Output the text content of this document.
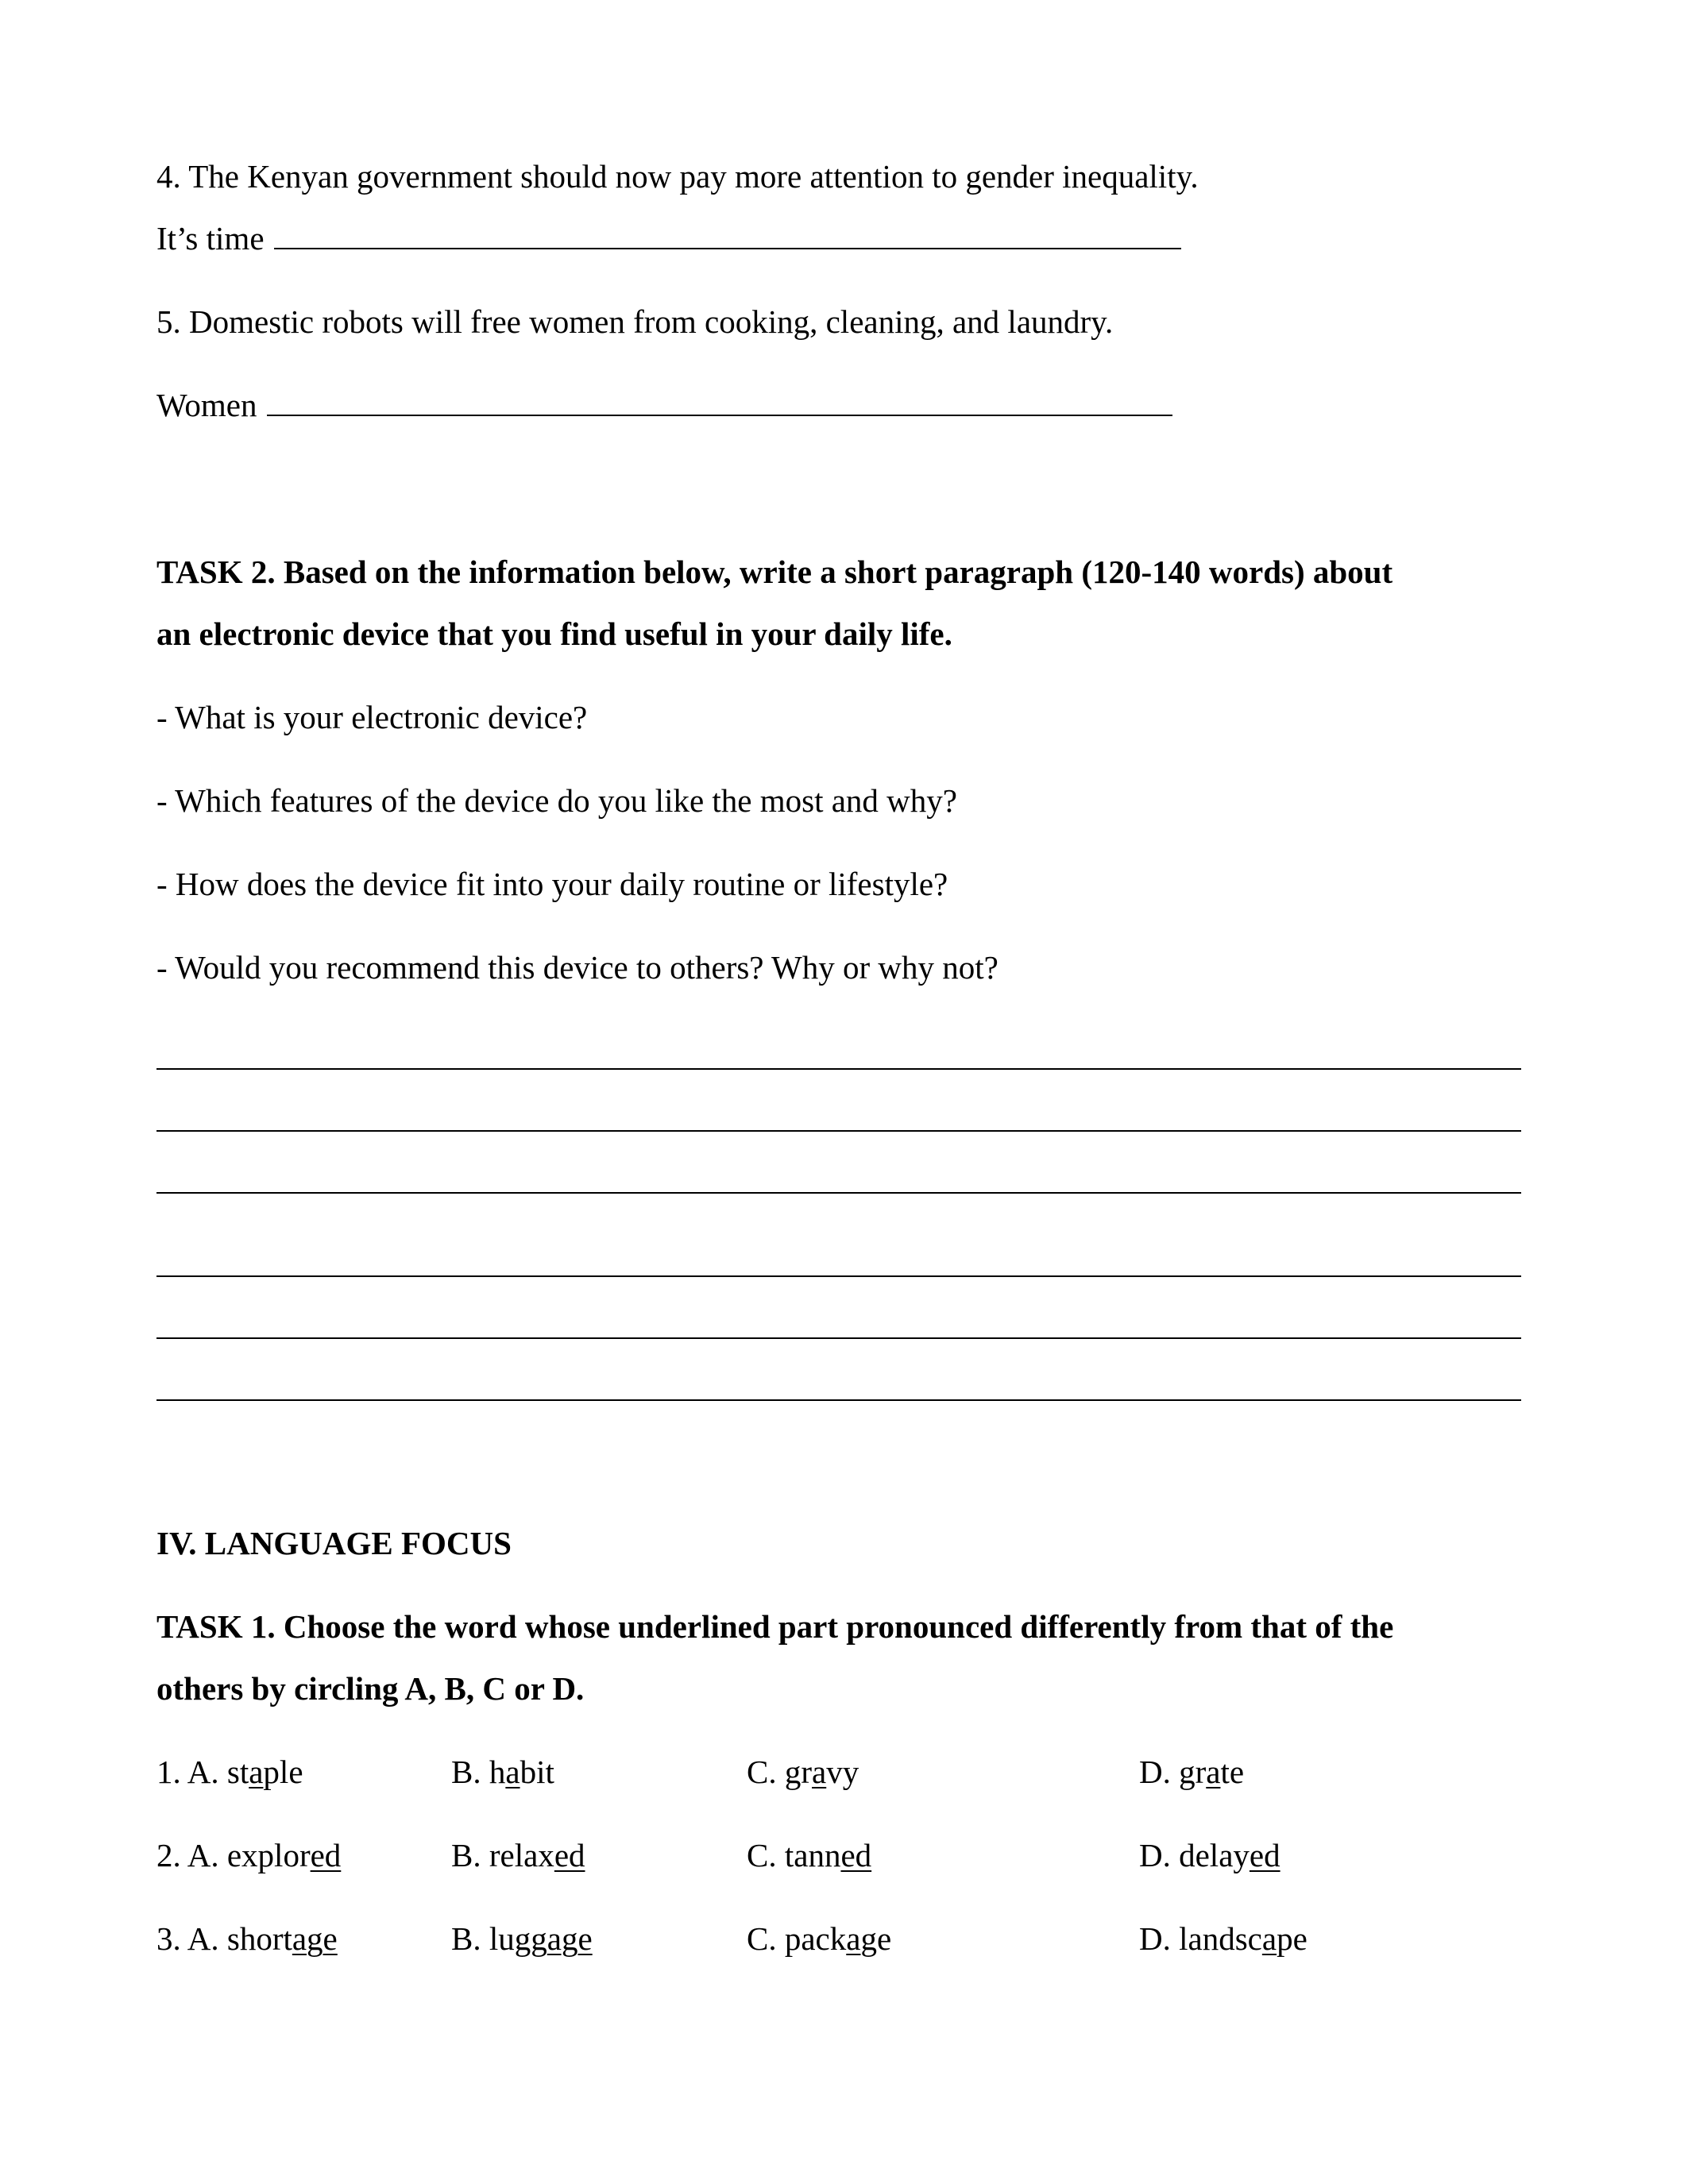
4. The Kenyan government should now pay more attention to gender inequality.
It’s time
5. Domestic robots will free women from cooking, cleaning, and laundry.
Women
TASK 2. Based on the information below, write a short paragraph (120-140 words) about
an electronic device that you find useful in your daily life.
- What is your electronic device?
- Which features of the device do you like the most and why?
- How does the device fit into your daily routine or lifestyle?
- Would you recommend this device to others? Why or why not?
IV. LANGUAGE FOCUS
TASK 1. Choose the word whose underlined part pronounced differently from that of the
others by circling A, B, C or D.
1. A. staple	B. habit	C. gravy	D. grate
2. A. explored	B. relaxed	C. tanned	D. delayed
3. A. shortage	B. luggage	C. package	D. landscape
